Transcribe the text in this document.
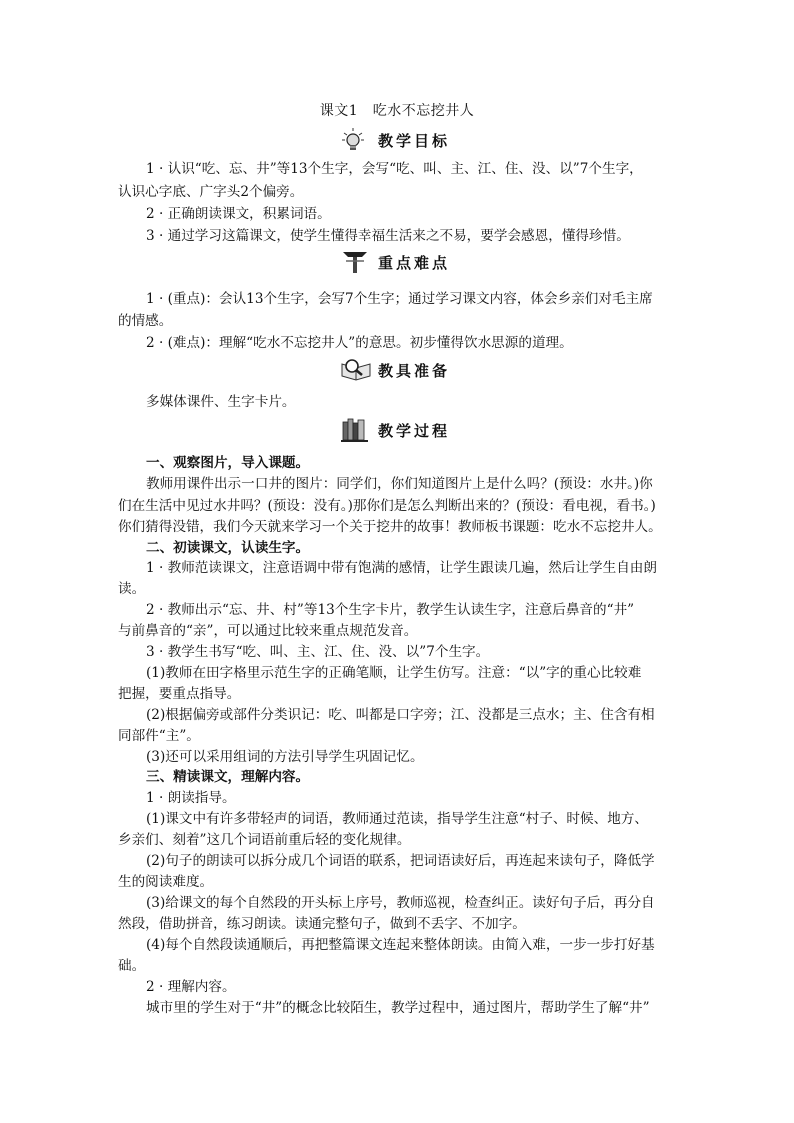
课文1　吃水不忘挖井人
教学目标
1 · 认识“吃、忘、井”等13个生字，会写“吃、叫、主、江、住、没、以”7个生字，
认识心字底、广字头2个偏旁。
2 · 正确朗读课文，积累词语。
3 · 通过学习这篇课文，使学生懂得幸福生活来之不易，要学会感恩，懂得珍惜。
重点难点
1 · (重点)：会认13个生字，会写7个生字；通过学习课文内容，体会乡亲们对毛主席
的情感。
2 · (难点)：理解“吃水不忘挖井人”的意思。初步懂得饮水思源的道理。
教具准备
多媒体课件、生字卡片。
教学过程
一、观察图片，导入课题。
教师用课件出示一口井的图片：同学们，你们知道图片上是什么吗？(预设：水井。)你
们在生活中见过水井吗？(预设：没有。)那你们是怎么判断出来的？(预设：看电视，看书。)
你们猜得没错，我们今天就来学习一个关于挖井的故事！教师板书课题：吃水不忘挖井人。
二、初读课文，认读生字。
1 · 教师范读课文，注意语调中带有饱满的感情，让学生跟读几遍，然后让学生自由朗
读。
2 · 教师出示“忘、井、村”等13个生字卡片，教学生认读生字，注意后鼻音的“井”
与前鼻音的“亲”，可以通过比较来重点规范发音。
3 · 教学生书写“吃、叫、主、江、住、没、以”7个生字。
(1)教师在田字格里示范生字的正确笔顺，让学生仿写。注意：“以”字的重心比较难
把握，要重点指导。
(2)根据偏旁或部件分类识记：吃、叫都是口字旁；江、没都是三点水；主、住含有相
同部件“主”。
(3)还可以采用组词的方法引导学生巩固记忆。
三、精读课文，理解内容。
1 · 朗读指导。
(1)课文中有许多带轻声的词语，教师通过范读，指导学生注意“村子、时候、地方、
乡亲们、刻着”这几个词语前重后轻的变化规律。
(2)句子的朗读可以拆分成几个词语的联系，把词语读好后，再连起来读句子，降低学
生的阅读难度。
(3)给课文的每个自然段的开头标上序号，教师巡视，检查纠正。读好句子后，再分自
然段，借助拼音，练习朗读。读通完整句子，做到不丢字、不加字。
(4)每个自然段读通顺后，再把整篇课文连起来整体朗读。由简入难，一步一步打好基
础。
2 · 理解内容。
城市里的学生对于“井”的概念比较陌生，教学过程中，通过图片，帮助学生了解“井”
